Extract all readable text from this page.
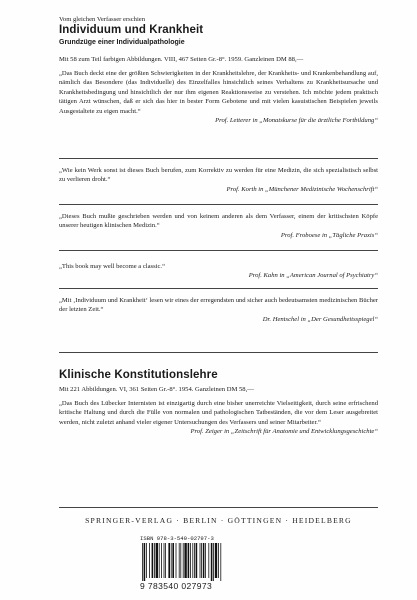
Vom gleichen Verfasser erschien

Individuum und Krankheit

Grundzüge einer Individualpathologie

Mit 58 zum Teil farbigen Abbildungen. VIII, 467 Seiten Gr.-8°. 1959. Ganzleinen DM 88,—

„Das Buch deckt eine der größten Schwierigkeiten in der Krankheitslehre, der Krankheits- und Krankenbehandlung auf, nämlich das Besondere (das Individuelle) des Einzelfalles hinsichtlich seines Verhaltens zu Krankheitsursache und Krankheitsbedingung und hinsichtlich der nur ihm eigenen Reaktionsweise zu verstehen. Ich möchte jedem praktisch tätigen Arzt wünschen, daß er sich das hier in bester Form Gebotene und mit vielen kasuistischen Beispielen jeweils Ausgestaltete zu eigen macht.“

Prof. Letterer in „Monatskurse für die ärztliche Fortbildung“

„Wie kein Werk sonst ist dieses Buch berufen, zum Korrektiv zu werden für eine Medizin, die sich spezialistisch selbst zu verlieren droht.“

Prof. Korth in „Münchener Medizinische Wochenschrift“

„Dieses Buch mußte geschrieben werden und von keinem anderen als dem Verfasser, einem der kritischsten Köpfe unserer heutigen klinischen Medizin.“

Prof. Froboese in „Tägliche Praxis“

„This book may well become a classic.“

Prof. Kahn in „American Journal of Psychiatry“

„Mit ‚Individuum und Krankheit‘ lesen wir eines der erregendsten und sicher auch bedeutsamsten medizinischen Bücher der letzten Zeit.“

Dr. Hentschel in „Der Gesundheitsspiegel“

Klinische Konstitutionslehre

Mit 221 Abbildungen. VI, 361 Seiten Gr.-8°. 1954. Ganzleinen DM 58,—

„Das Buch des Lübecker Internisten ist einzigartig durch eine bisher unerreichte Vielseitigkeit, durch seine erfrischend kritische Haltung und durch die Fülle von normalen und pathologischen Tatbeständen, die vor dem Leser ausgebreitet werden, nicht zuletzt anhand vieler eigener Untersuchungen des Verfassers und seiner Mitarbeiter.“

Prof. Zeiger in „Zeitschrift für Anatomie und Entwicklungsgeschichte“

SPRINGER-VERLAG · BERLIN · GÖTTINGEN · HEIDELBERG

ISBN 978-3-540-02797-3

9 783540 027973
